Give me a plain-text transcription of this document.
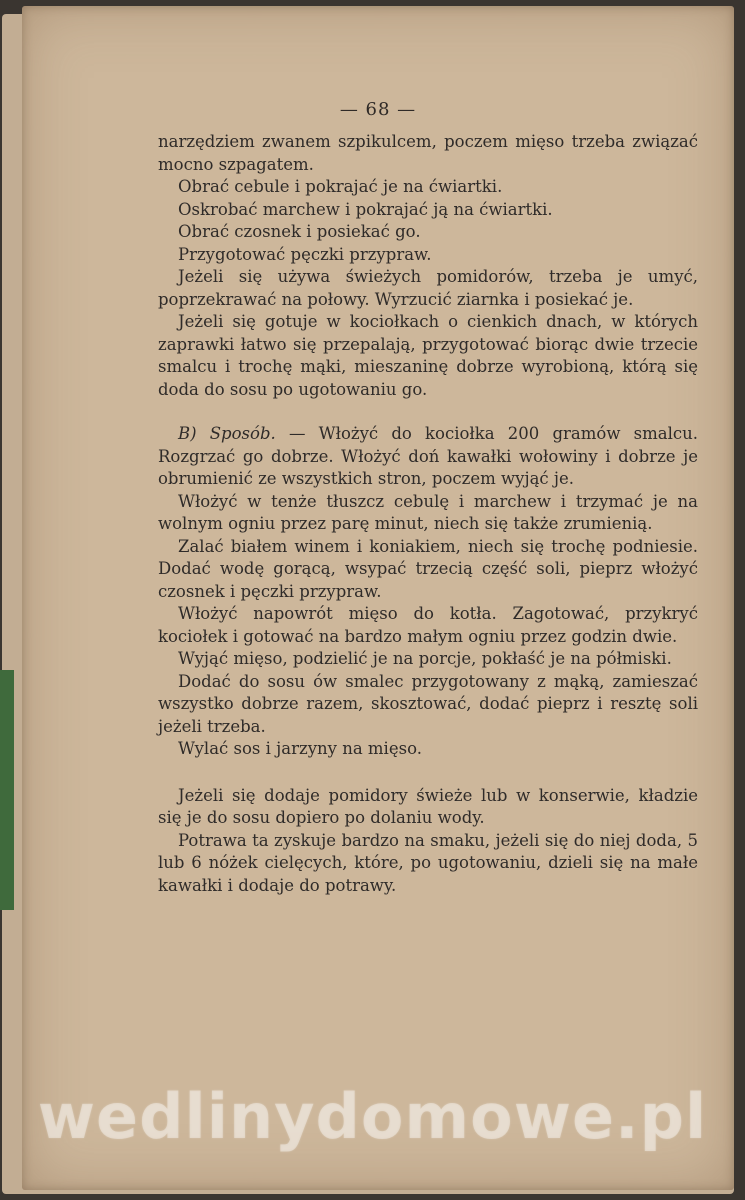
— 68 —

narzędziem zwanem szpikulcem, poczem mięso trzeba związać mocno szpagatem.

Obrać cebule i pokrajać je na ćwiartki.

Oskrobać marchew i pokrajać ją na ćwiartki.

Obrać czosnek i posiekać go.

Przygotować pęczki przypraw.

Jeżeli się używa świeżych pomidorów, trzeba je umyć, poprzekrawać na połowy. Wyrzucić ziarnka i posiekać je.

Jeżeli się gotuje w kociołkach o cienkich dnach, w których zaprawki łatwo się przepalają, przygotować biorąc dwie trzecie smalcu i trochę mąki, mieszaninę dobrze wyrobioną, którą się doda do sosu po ugotowaniu go.

B) Sposób. — Włożyć do kociołka 200 gramów smalcu. Rozgrzać go dobrze. Włożyć doń kawałki wołowiny i dobrze je obrumienić ze wszystkich stron, poczem wyjąć je.

Włożyć w tenże tłuszcz cebulę i marchew i trzymać je na wolnym ogniu przez parę minut, niech się także zrumienią.

Zalać białem winem i koniakiem, niech się trochę podniesie. Dodać wodę gorącą, wsypać trzecią część soli, pieprz włożyć czosnek i pęczki przypraw.

Włożyć napowrót mięso do kotła. Zagotować, przykryć kociołek i gotować na bardzo małym ogniu przez godzin dwie.

Wyjąć mięso, podzielić je na porcje, pokłaść je na półmiski.

Dodać do sosu ów smalec przygotowany z mąką, zamieszać wszystko dobrze razem, skosztować, dodać pieprz i resztę soli jeżeli trzeba.

Wylać sos i jarzyny na mięso.

Jeżeli się dodaje pomidory świeże lub w konserwie, kładzie się je do sosu dopiero po dolaniu wody.

Potrawa ta zyskuje bardzo na smaku, jeżeli się do niej doda, 5 lub 6 nóżek cielęcych, które, po ugotowaniu, dzieli się na małe kawałki i dodaje do potrawy.

wedlinydomowe.pl
